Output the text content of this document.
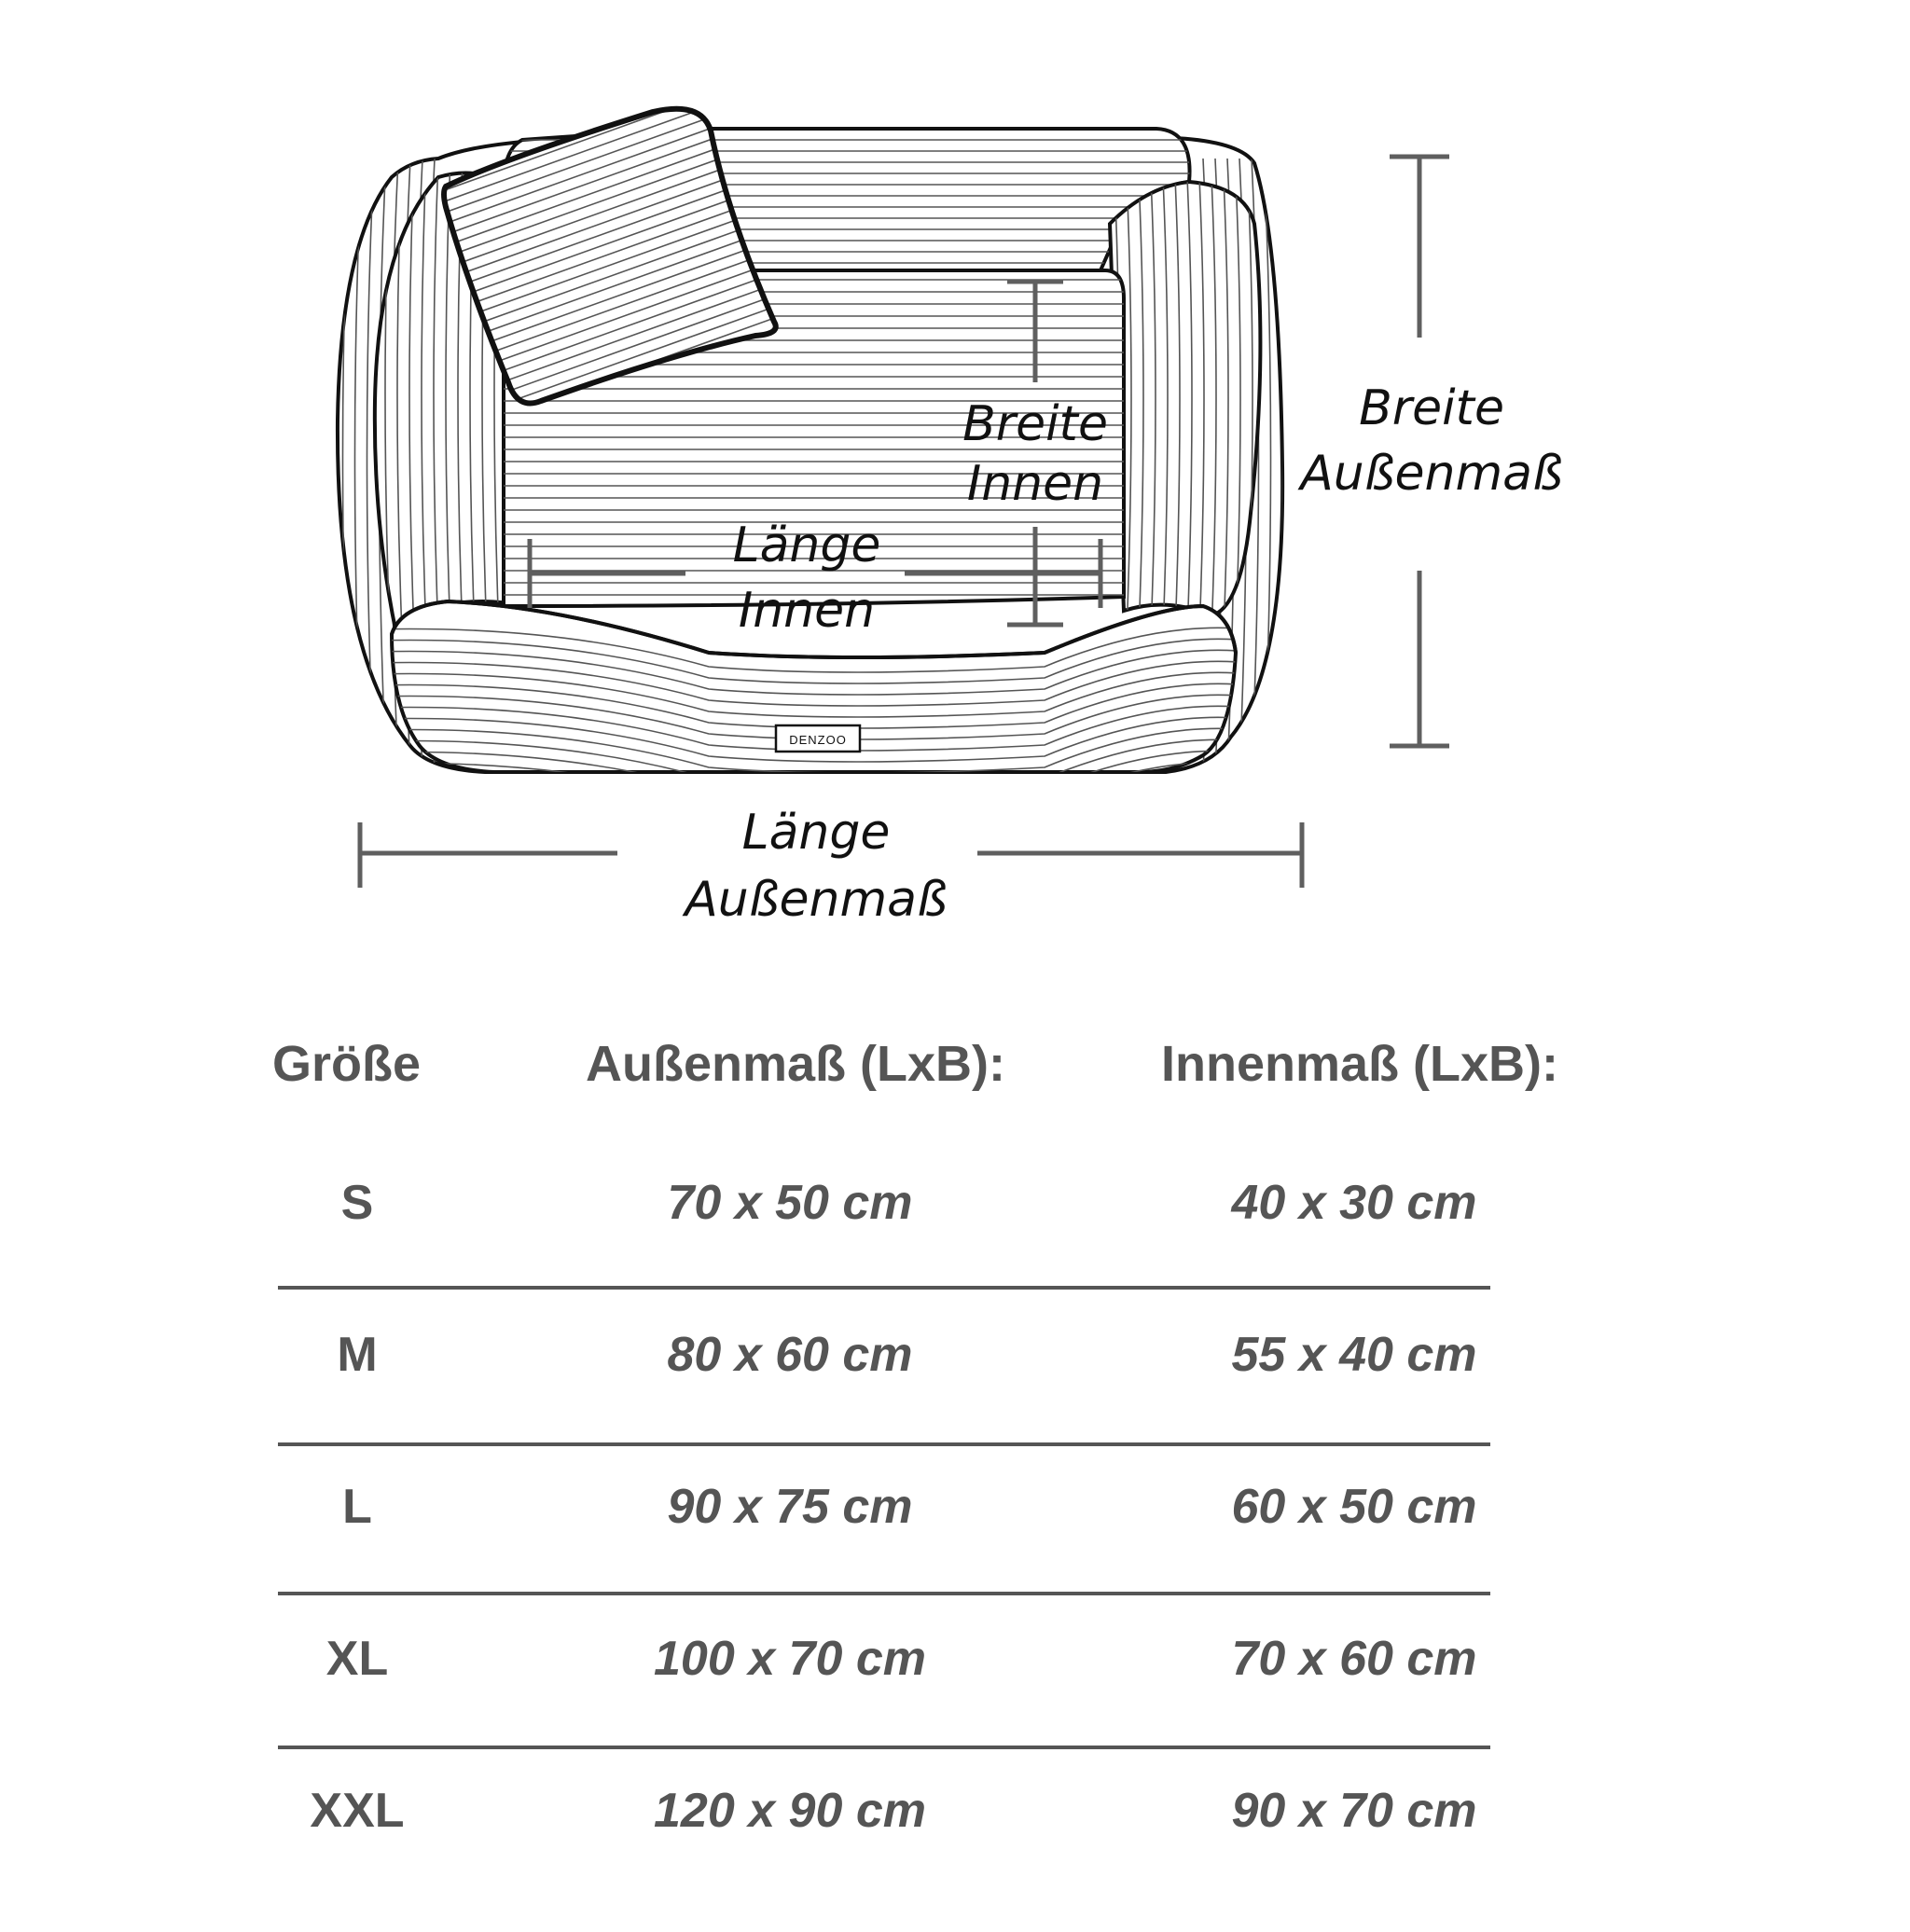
DENZOO
Breite
Innen
Länge
Innen
Breite
Außenmaß
Länge
Außenmaß
Größe	Außenmaß (LxB):	Innenmaß (LxB):
S	70 x 50 cm	40 x 30 cm
M	80 x 60 cm	55 x 40 cm
L	90 x 75 cm	60 x 50 cm
XL	100 x 70 cm	70 x 60 cm
XXL	120 x 90 cm	90 x 70 cm
